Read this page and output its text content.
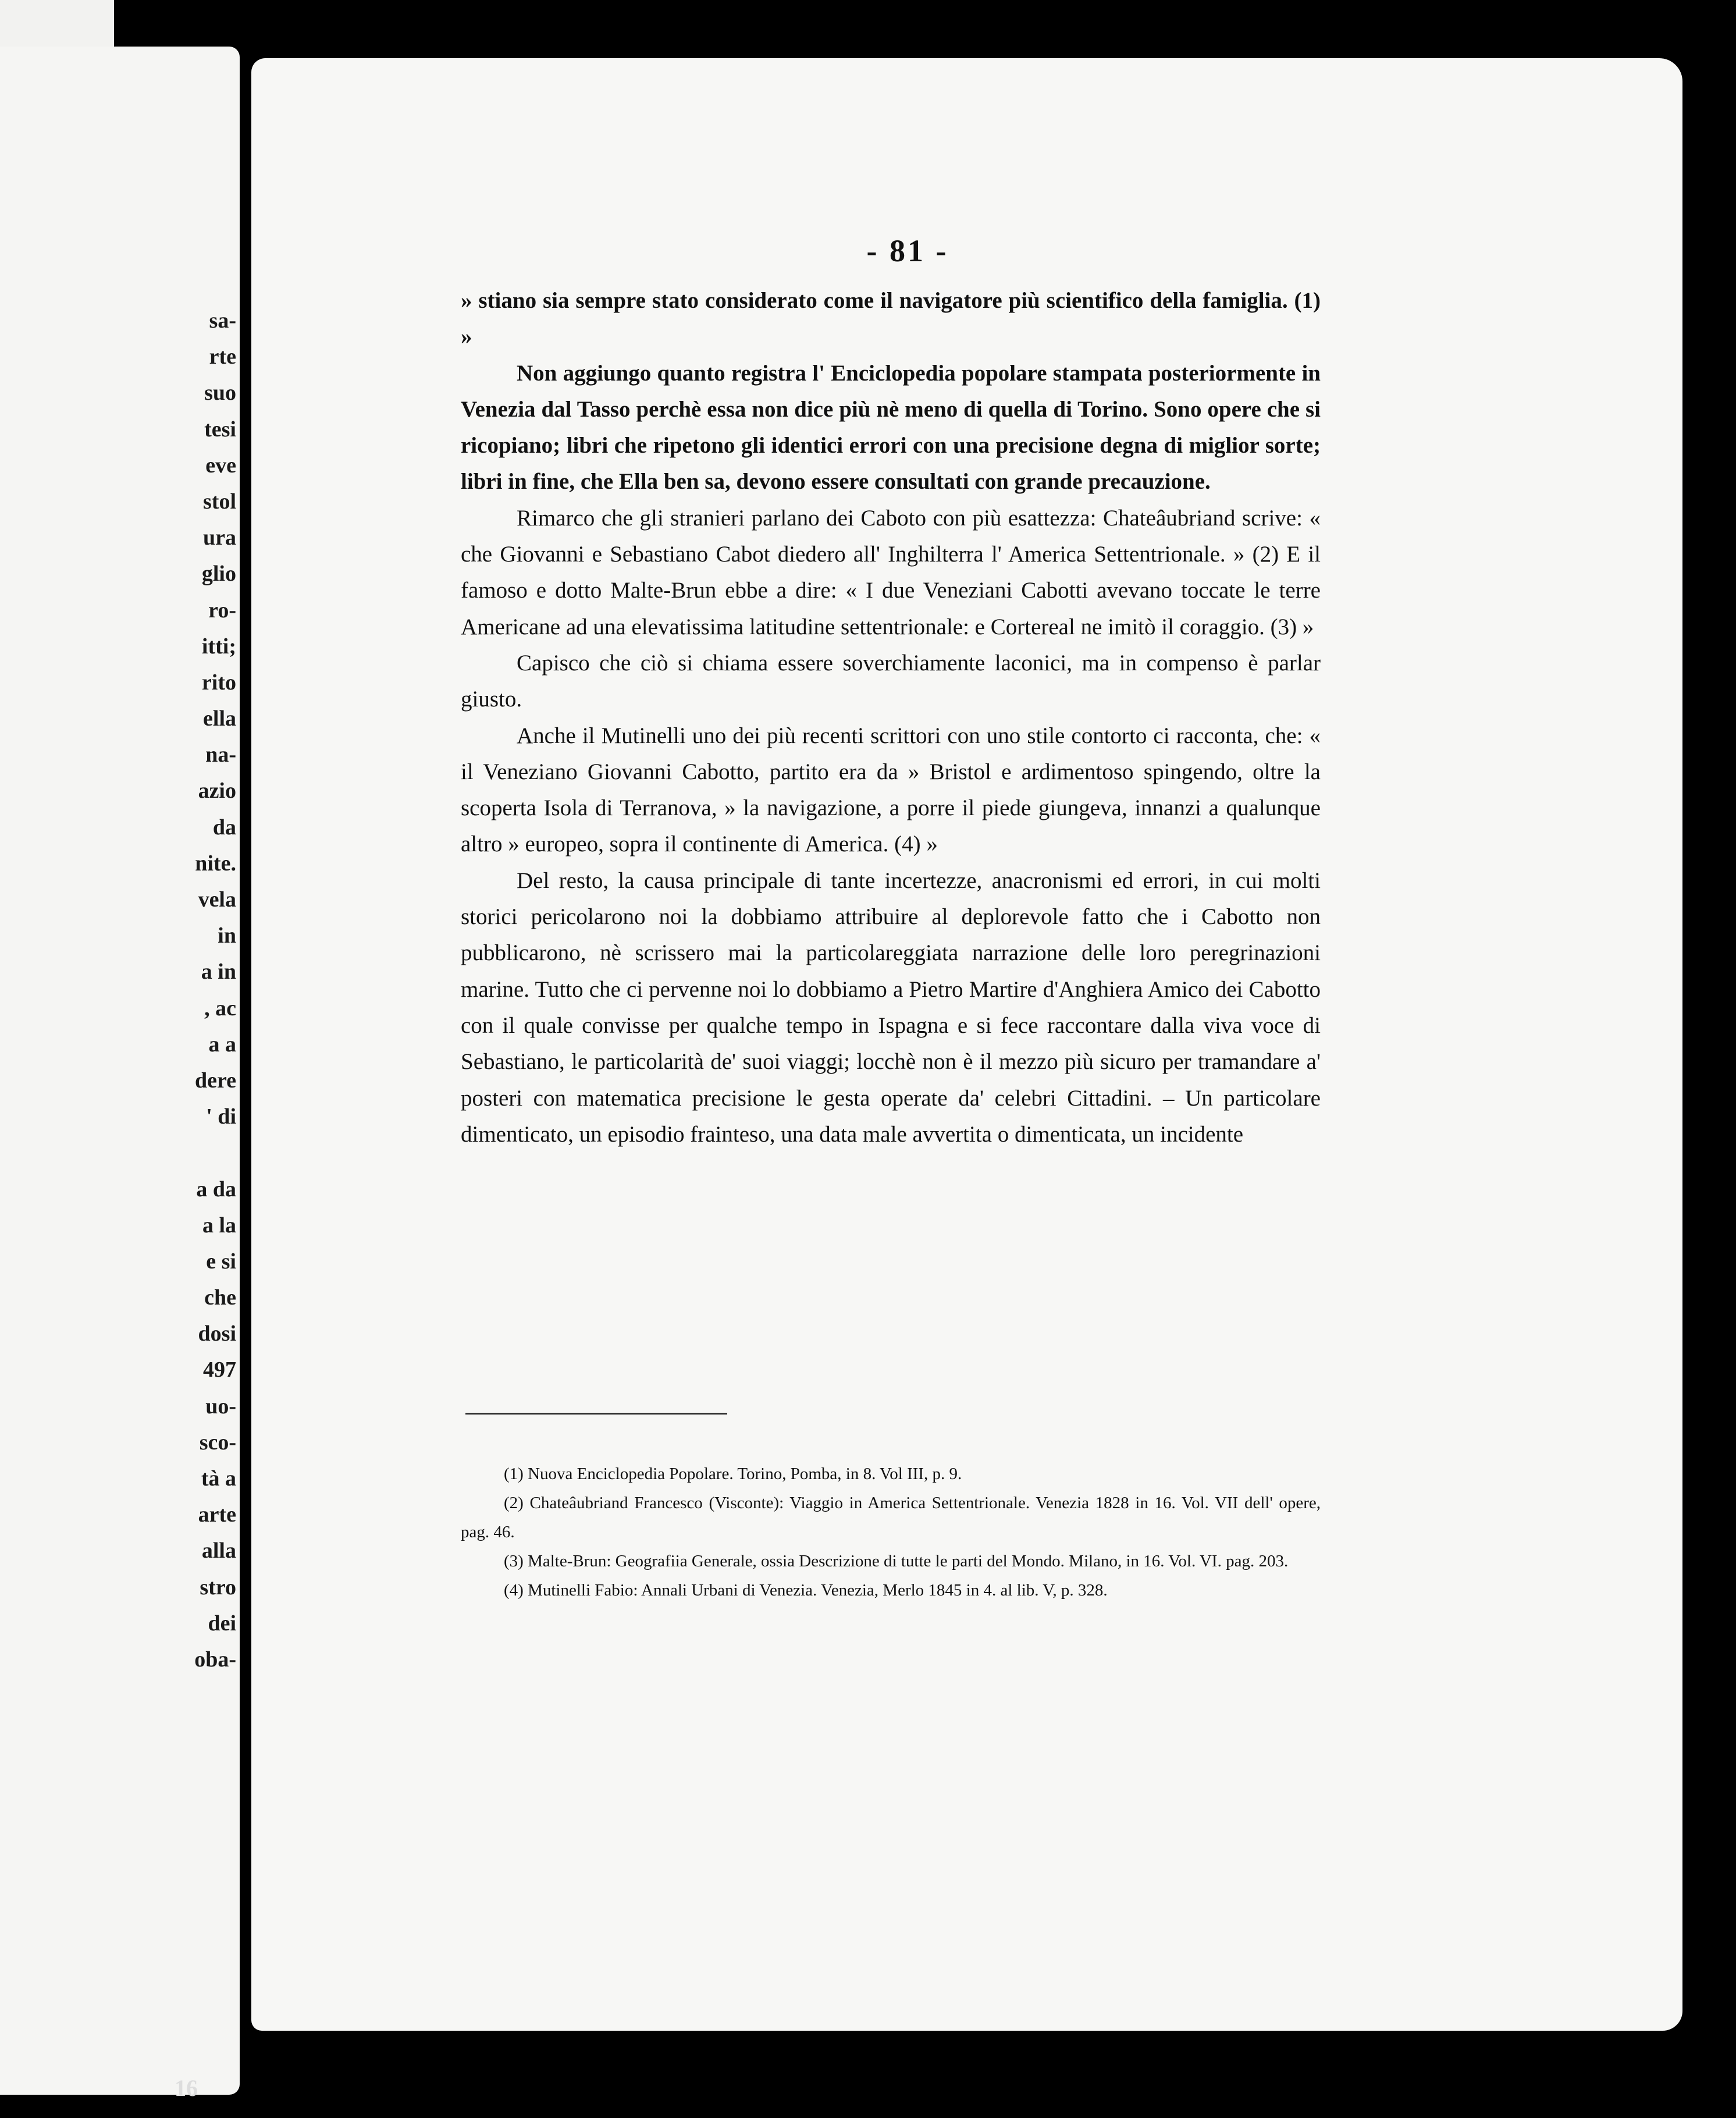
sa-
rte
suo
tesi
eve
stol
ura
glio
ro-
itti;
rito
ella
na-
azio
da
nite.
vela
in
a in
, ac
a a
dere
' di
a da
a la
e si
che
dosi
497
uo-
sco-
tà a
arte
alla
stro
dei
oba-

- 81 -

» stiano sia sempre stato considerato come il navigatore più scientifico della famiglia. (1) »

Non aggiungo quanto registra l' Enciclopedia popolare stampata posteriormente in Venezia dal Tasso perchè essa non dice più nè meno di quella di Torino. Sono opere che si ricopiano; libri che ripetono gli identici errori con una precisione degna di miglior sorte; libri in fine, che Ella ben sa, devono essere consultati con grande precauzione.

Rimarco che gli stranieri parlano dei Caboto con più esattezza: Chateâubriand scrive: « che Giovanni e Sebastiano Cabot diedero all' Inghilterra l' America Settentrionale. » (2) E il famoso e dotto Malte-Brun ebbe a dire: « I due Veneziani Cabotti avevano toccate le terre Americane ad una elevatissima latitudine settentrionale: e Cortereal ne imitò il coraggio. (3) »

Capisco che ciò si chiama essere soverchiamente laconici, ma in compenso è parlar giusto.

Anche il Mutinelli uno dei più recenti scrittori con uno stile contorto ci racconta, che: « il Veneziano Giovanni Cabotto, partito era da » Bristol e ardimentoso spingendo, oltre la scoperta Isola di Terranova, » la navigazione, a porre il piede giungeva, innanzi a qualunque altro » europeo, sopra il continente di America. (4) »

Del resto, la causa principale di tante incertezze, anacronismi ed errori, in cui molti storici pericolarono noi la dobbiamo attribuire al deplorevole fatto che i Cabotto non pubblicarono, nè scrissero mai la particolareggiata narrazione delle loro peregrinazioni marine. Tutto che ci pervenne noi lo dobbiamo a Pietro Martire d'Anghiera Amico dei Cabotto con il quale convisse per qualche tempo in Ispagna e si fece raccontare dalla viva voce di Sebastiano, le particolarità de' suoi viaggi; locchè non è il mezzo più sicuro per tramandare a' posteri con matematica precisione le gesta operate da' celebri Cittadini. – Un particolare dimenticato, un episodio frainteso, una data male avvertita o dimenticata, un incidente

(1) Nuova Enciclopedia Popolare. Torino, Pomba, in 8. Vol III, p. 9.

(2) Chateâubriand Francesco (Visconte): Viaggio in America Settentrionale. Venezia 1828 in 16. Vol. VII dell' opere, pag. 46.

(3) Malte-Brun: Geografiia Generale, ossia Descrizione di tutte le parti del Mondo. Milano, in 16. Vol. VI. pag. 203.

(4) Mutinelli Fabio: Annali Urbani di Venezia. Venezia, Merlo 1845 in 4. al lib. V, p. 328.

16
